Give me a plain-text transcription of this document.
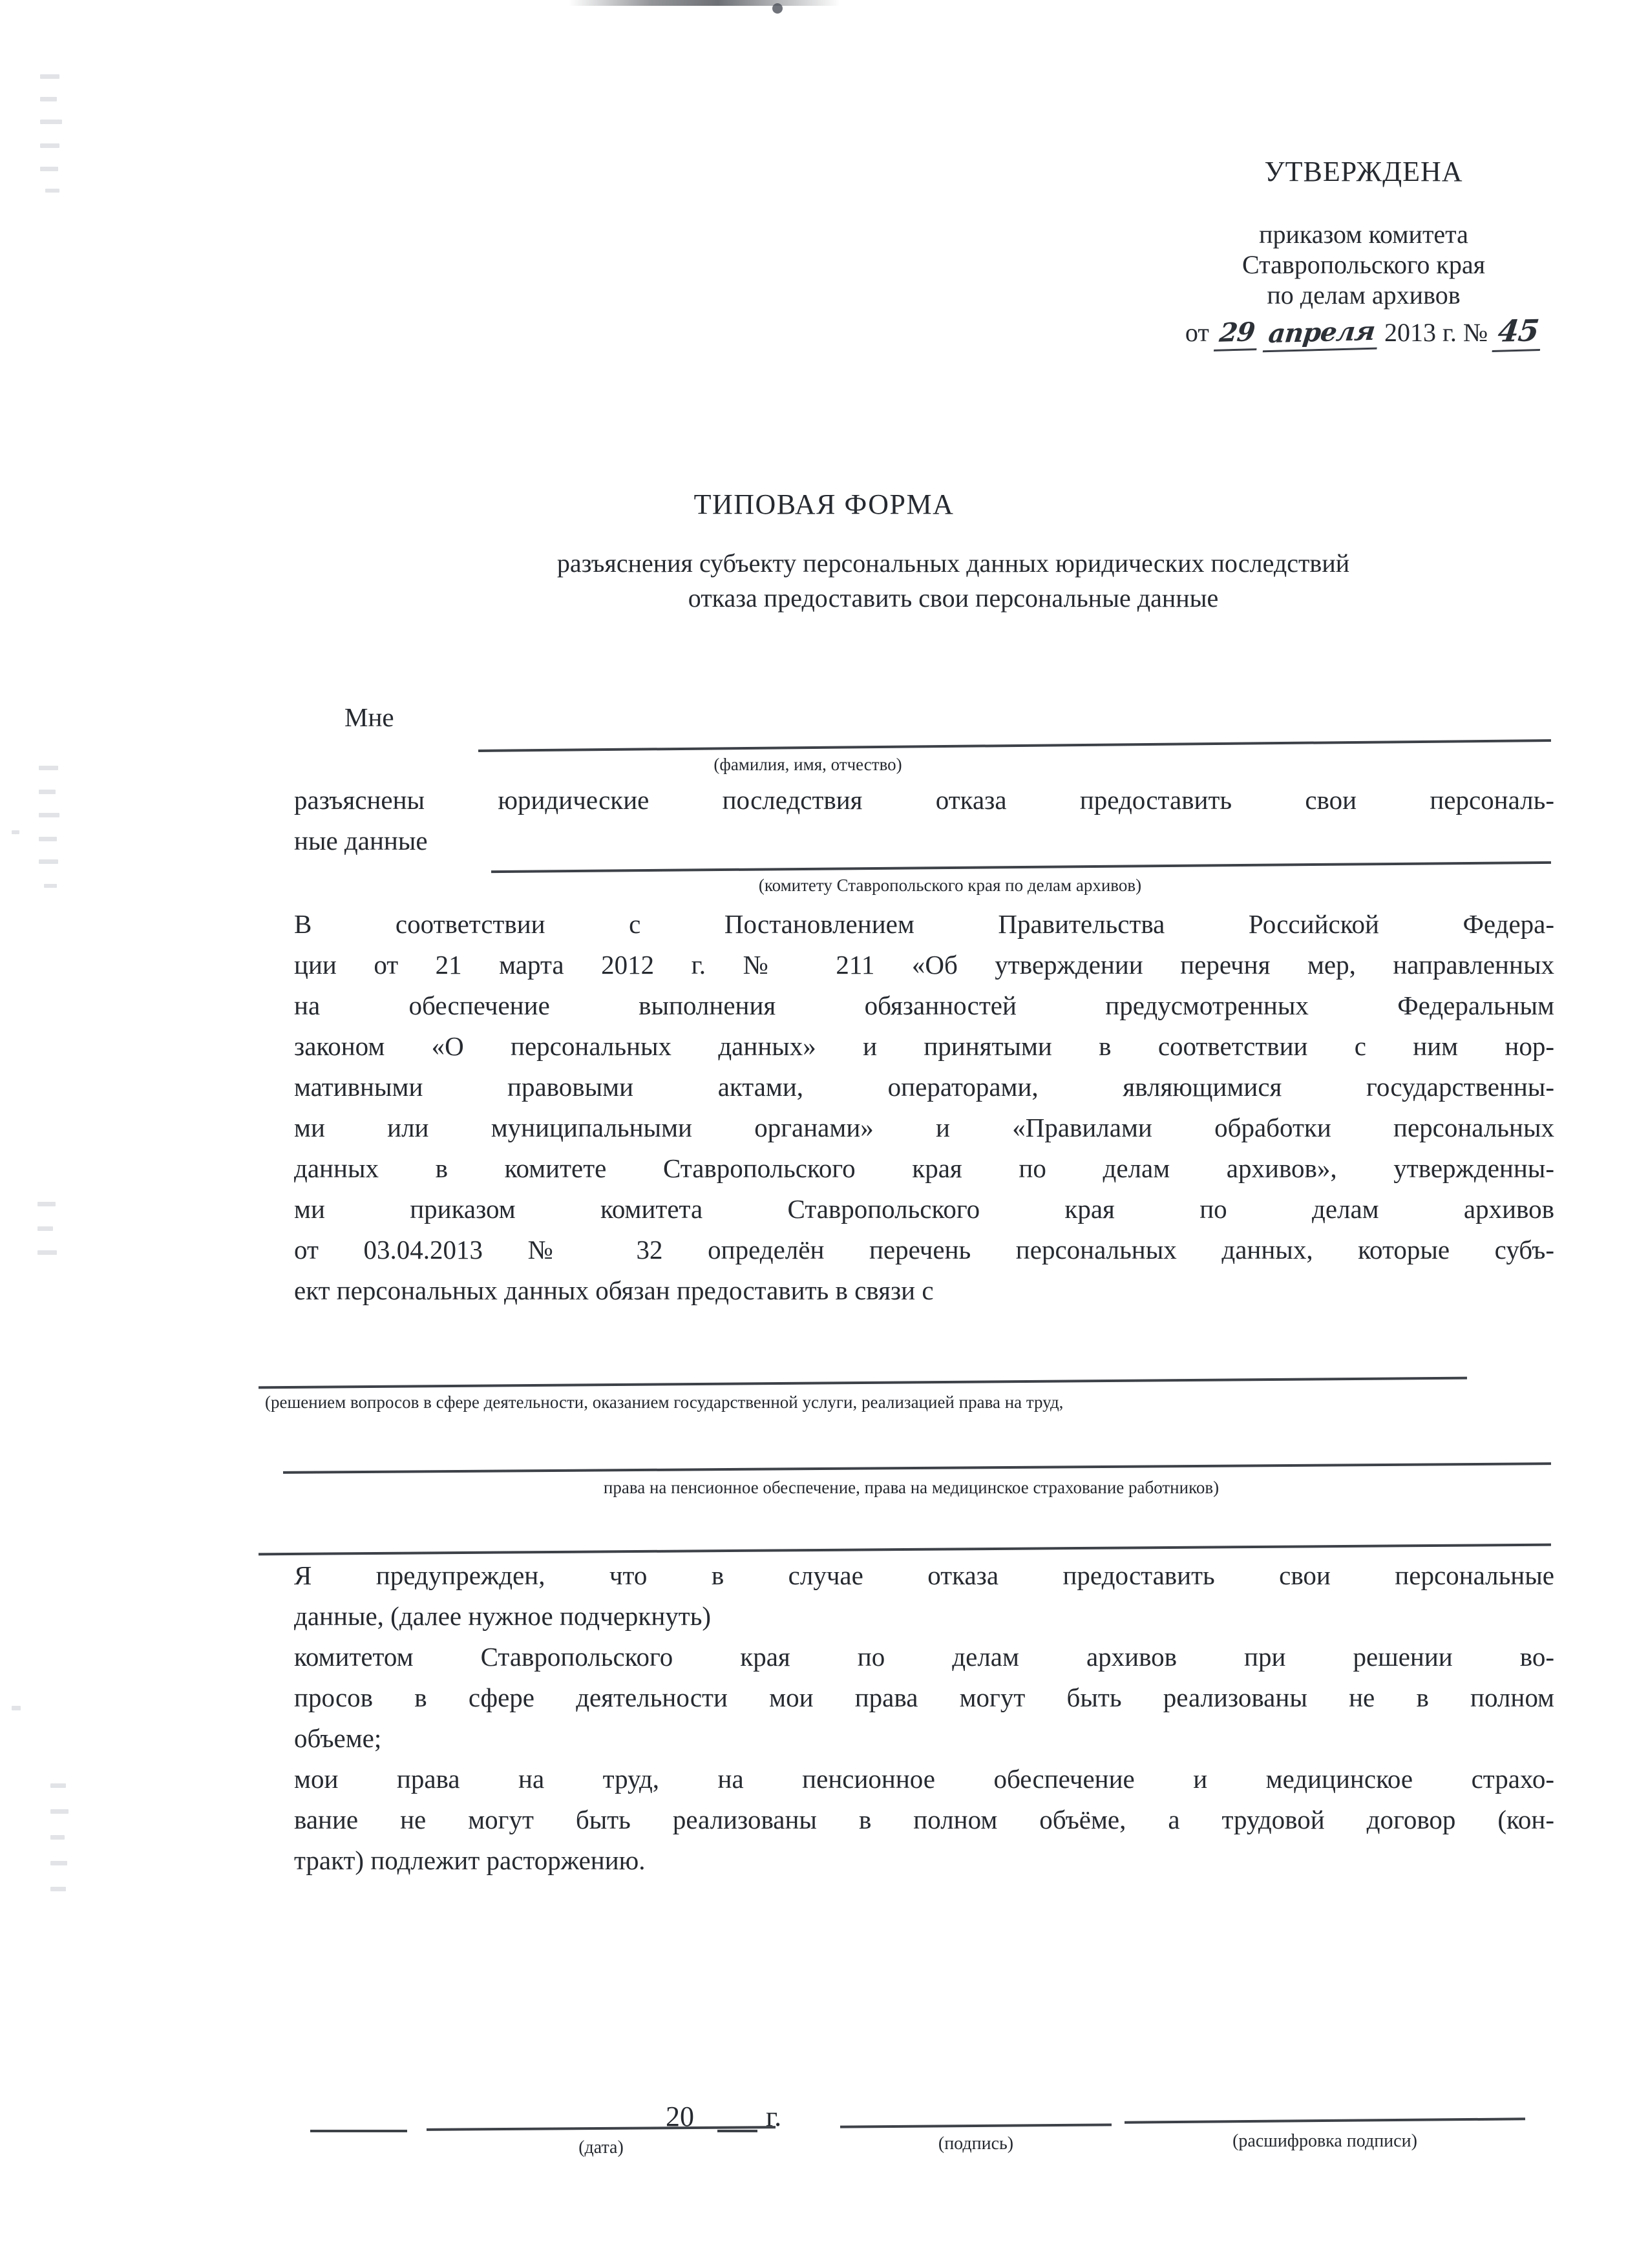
УТВЕРЖДЕНА
приказом комитета
Ставропольского края
по делам архивов
от 29 апреля 2013 г. № 45
ТИПОВАЯ ФОРМА
разъяснения субъекту персональных данных юридических последствий
отказа предоставить свои персональные данные
Мне
(фамилия, имя, отчество)
разъяснены юридические последствия отказа предоставить свои персональ-
ные данные
(комитету Ставропольского края по делам архивов)
В соответствии с Постановлением Правительства Российской Федера-
ции от 21 марта 2012 г. № 211 «Об утверждении перечня мер, направленных
на обеспечение выполнения обязанностей предусмотренных Федеральным
законом «О персональных данных» и принятыми в соответствии с ним нор-
мативными правовыми актами, операторами, являющимися государственны-
ми или муниципальными органами» и «Правилами обработки персональных
данных в комитете Ставропольского края по делам архивов», утвержденны-
ми приказом комитета Ставропольского края по делам архивов
от 03.04.2013 № 32 определён перечень персональных данных, которые субъ-
ект персональных данных обязан предоставить в связи с
(решением вопросов в сфере деятельности, оказанием государственной услуги, реализацией права на труд,
права на пенсионное обеспечение, права на медицинское страхование работников)
Я предупрежден, что в случае отказа предоставить свои персональные
данные, (далее нужное подчеркнуть)
комитетом Ставропольского края по делам архивов при решении во-
просов в сфере деятельности мои права могут быть реализованы не в полном
объеме;
мои права на труд, на пенсионное обеспечение и медицинское страхо-
вание не могут быть реализованы в полном объёме, а трудовой договор (кон-
тракт) подлежит расторжению.
(дата)
20	г.
(подпись)	(расшифровка подписи)
